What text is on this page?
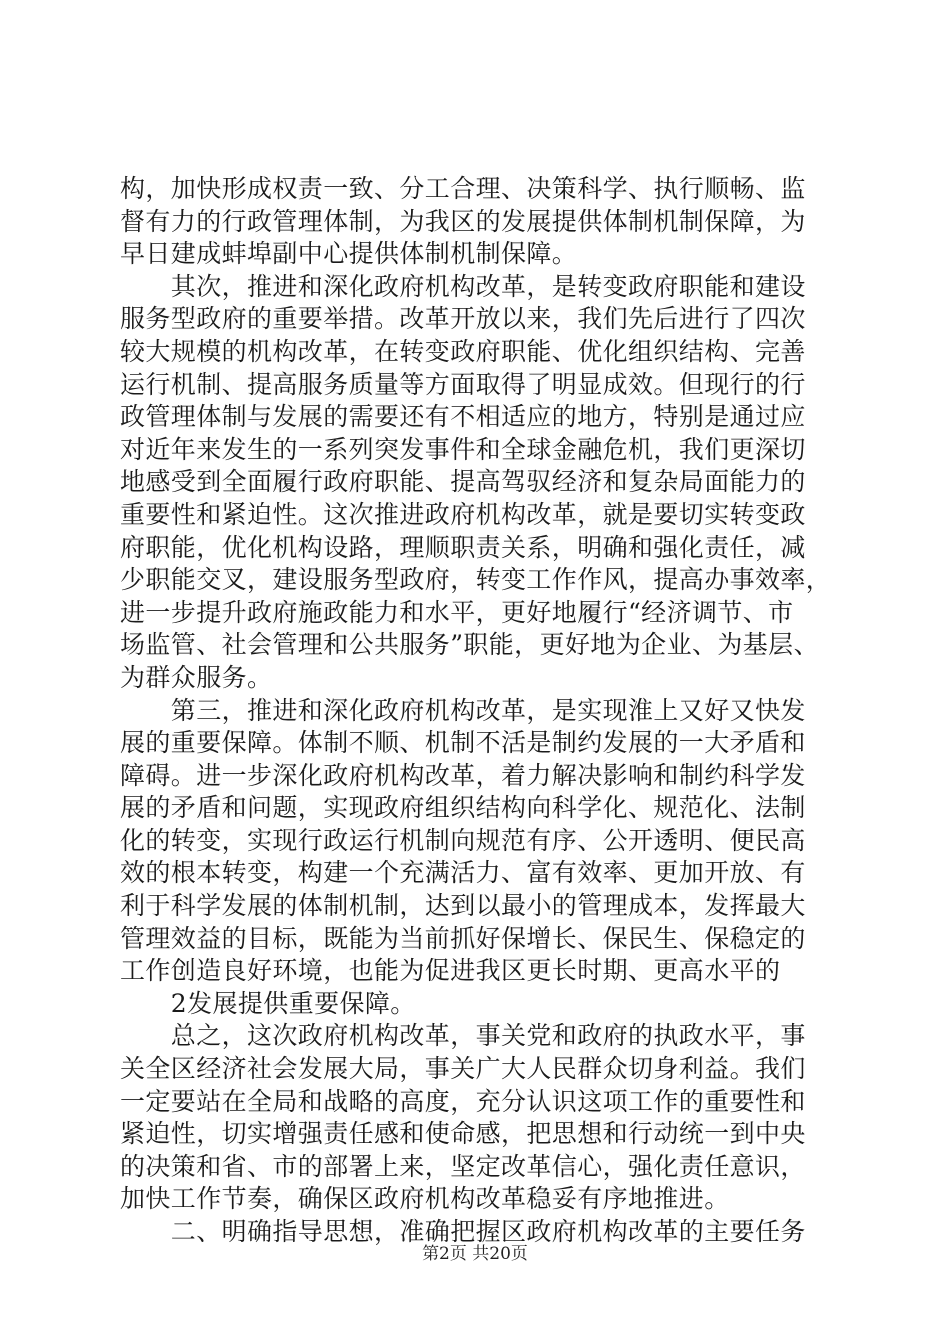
构，加快形成权责一致、分工合理、决策科学、执行顺畅、监
督有力的行政管理体制，为我区的发展提供体制机制保障，为
早日建成蚌埠副中心提供体制机制保障。
　　其次，推进和深化政府机构改革，是转变政府职能和建设
服务型政府的重要举措。改革开放以来，我们先后进行了四次
较大规模的机构改革，在转变政府职能、优化组织结构、完善
运行机制、提高服务质量等方面取得了明显成效。但现行的行
政管理体制与发展的需要还有不相适应的地方，特别是通过应
对近年来发生的一系列突发事件和全球金融危机，我们更深切
地感受到全面履行政府职能、提高驾驭经济和复杂局面能力的
重要性和紧迫性。这次推进政府机构改革，就是要切实转变政
府职能，优化机构设路，理顺职责关系，明确和强化责任，减
少职能交叉，建设服务型政府，转变工作作风，提高办事效率，
进一步提升政府施政能力和水平，更好地履行“经济调节、市
场监管、社会管理和公共服务”职能，更好地为企业、为基层、
为群众服务。
　　第三，推进和深化政府机构改革，是实现淮上又好又快发
展的重要保障。体制不顺、机制不活是制约发展的一大矛盾和
障碍。进一步深化政府机构改革，着力解决影响和制约科学发
展的矛盾和问题，实现政府组织结构向科学化、规范化、法制
化的转变，实现行政运行机制向规范有序、公开透明、便民高
效的根本转变，构建一个充满活力、富有效率、更加开放、有
利于科学发展的体制机制，达到以最小的管理成本，发挥最大
管理效益的目标，既能为当前抓好保增长、保民生、保稳定的
工作创造良好环境，也能为促进我区更长时期、更高水平的
　　2发展提供重要保障。
　　总之，这次政府机构改革，事关党和政府的执政水平，事
关全区经济社会发展大局，事关广大人民群众切身利益。我们
一定要站在全局和战略的高度，充分认识这项工作的重要性和
紧迫性，切实增强责任感和使命感，把思想和行动统一到中央
的决策和省、市的部署上来，坚定改革信心，强化责任意识，
加快工作节奏，确保区政府机构改革稳妥有序地推进。
　　二、明确指导思想，准确把握区政府机构改革的主要任务
第2页 共20页
